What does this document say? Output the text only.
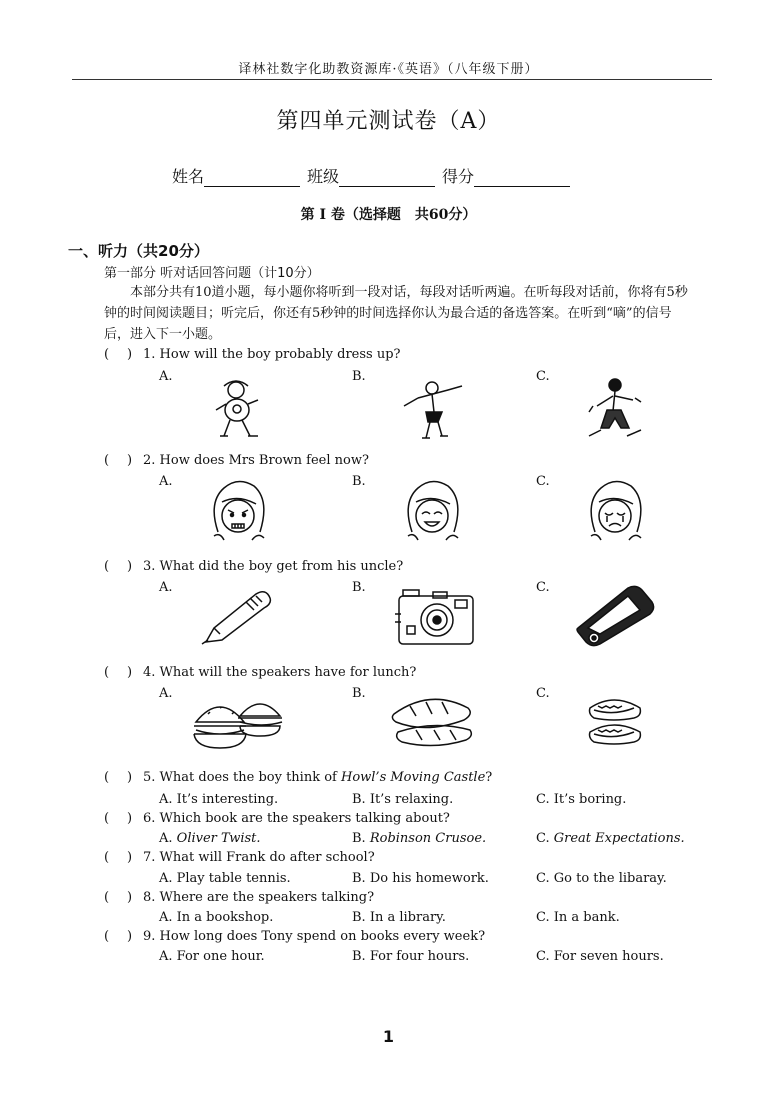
译林社数字化助教资源库·《英语》（八年级下册）
第四单元测试卷（A）
姓名	班级	得分
第 I 卷（选择题　共60分）
一、听力（共20分）
第一部分 听对话回答问题（计10分）
本部分共有10道小题，每小题你将听到一段对话，每段对话听两遍。在听每段对话前，你将有5秒钟的时间阅读题目；听完后，你还有5秒钟的时间选择你认为最合适的备选答案。在听到“嘀”的信号后，进入下一小题。
( ) 1. How will the boy probably dress up?
A.	B.	C.
( ) 2. How does Mrs Brown feel now?
A.	B.	C.
( ) 3. What did the boy get from his uncle?
A.	B.	C.
( ) 4. What will the speakers have for lunch?
A.	B.	C.
( ) 5. What does the boy think of Howl’s Moving Castle?
A. It’s interesting.	B. It’s relaxing.	C. It’s boring.
( ) 6. Which book are the speakers talking about?
A. Oliver Twist.	B. Robinson Crusoe.	C. Great Expectations.
( ) 7. What will Frank do after school?
A. Play table tennis.	B. Do his homework.	C. Go to the libaray.
( ) 8. Where are the speakers talking?
A. In a bookshop.	B. In a library.	C. In a bank.
( ) 9. How long does Tony spend on books every week?
A. For one hour.	B. For four hours.	C. For seven hours.
1
